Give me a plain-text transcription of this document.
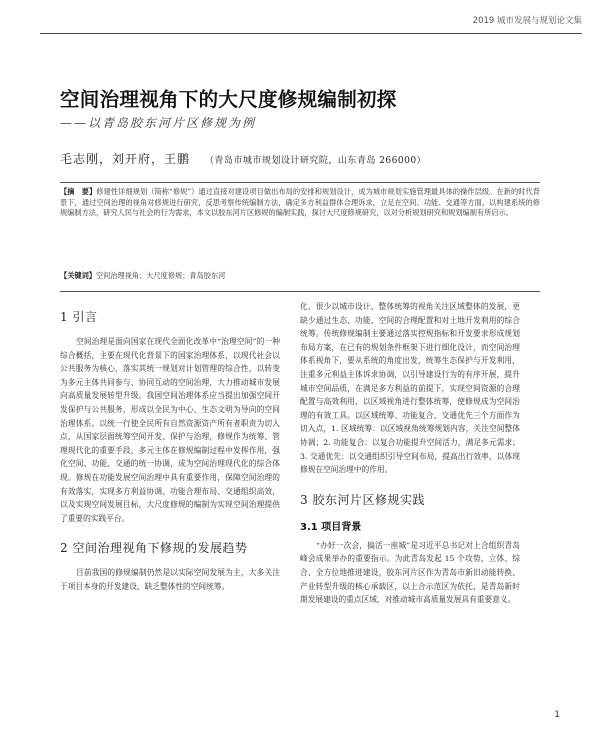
2019 城市发展与规划论文集
空间治理视角下的大尺度修规编制初探
——以青岛胶东河片区修规为例
毛志刚，刘开府，王鹏 （青岛市城市规划设计研究院，山东青岛 266000）

【摘　要】修建性详细规划（简称“修规”）通过直接对建设项目做出布局的安排和规划设计，成为城市规划实施管理最具体的操作层级。在新的时代背景下，通过空间治理的视角对修规进行研究，反思考察传统编制方法，确定多方利益群体合理诉求，立足在空间、功能、交通等方面，以构建系统的修规编制方法，研究人民与社会的行为需求，本文以胶东河片区修规的编制实践，探讨大尺度修规研究，以对分析规划研究和规划编制有所启示。

【关键词】空间治理视角；大尺度修规；青岛胶东河
1 引言

空间治理是面向国家在现代全面化改革中“治理空间”的一种综合概括，主要在现代化背景下的国家治理体系，以现代社会以公共服务为核心，落实其统一规划对计划管理的综合性，以转变为多元主体共同参与、协同互动的空间治理，大力推动城市发展向高质量发展转型升级。我国空间治理体系应当提出加强空间开发保护与公共服务，形成以全民为中心、生态文明为导向的空间治理体系。以统一行使全民所有自然资源资产所有者职责为切入点，从国家层面统筹空间开发、保护与治理，修规作为统筹、管理现代化的重要手段，多元主体在修规编制过程中发挥作用，强化空间、功能、交通的统一协调，成为空间治理现代化的综合体现。修规在功能发展空间治理中具有重要作用，保障空间治理的有效落实，实现多方利益协调、功能合理布局、交通组织高效，以及实现空间发展目标，大尺度修规的编制为实现空间治理提供了重要的实践平台。

2 空间治理视角下修规的发展趋势

目前我国的修规编制仍然是以实际空间发展为主，大多关注于项目本身的开发建设，缺乏整体性的空间统筹。

化，很少以城市设计、整体统筹的视角关注区域整体的发展，更缺少通过生态、功能、空间的合理配置和对土地开发利用的综合统筹。传统修规编制主要通过落实控规指标和开发要求形成规划布局方案，在已有的规划条件框架下进行细化设计，而空间治理体系视角下，要从系统的角度出发，统筹生态保护与开发利用，注重多元利益主体诉求协调，以引导建设行为的有序开展，提升城市空间品质，在满足多方利益的前提下，实现空间资源的合理配置与高效利用，以区域视角进行整体统筹，使修规成为空间治理的有效工具。以区域统筹、功能复合、交通优先三个方面作为切入点，1. 区域统筹：以区域视角统筹规划内容，关注空间整体协调；2. 功能复合：以复合功能提升空间活力，满足多元需求；3. 交通优先：以交通组织引导空间布局，提高出行效率，以体现修规在空间治理中的作用。

3 胶东河片区修规实践
3.1 项目背景

“办好一次会，搞活一座城”是习近平总书记对上合组织青岛峰会成果举办的重要指示。为此青岛发起 15 个攻势，立体、综合、全方位地推进建设，胶东河片区作为青岛市新旧动能转换、产业转型升级的核心承载区，以上合示范区为依托，是青岛新时期发展建设的重点区域，对推动城市高质量发展具有重要意义。

1
